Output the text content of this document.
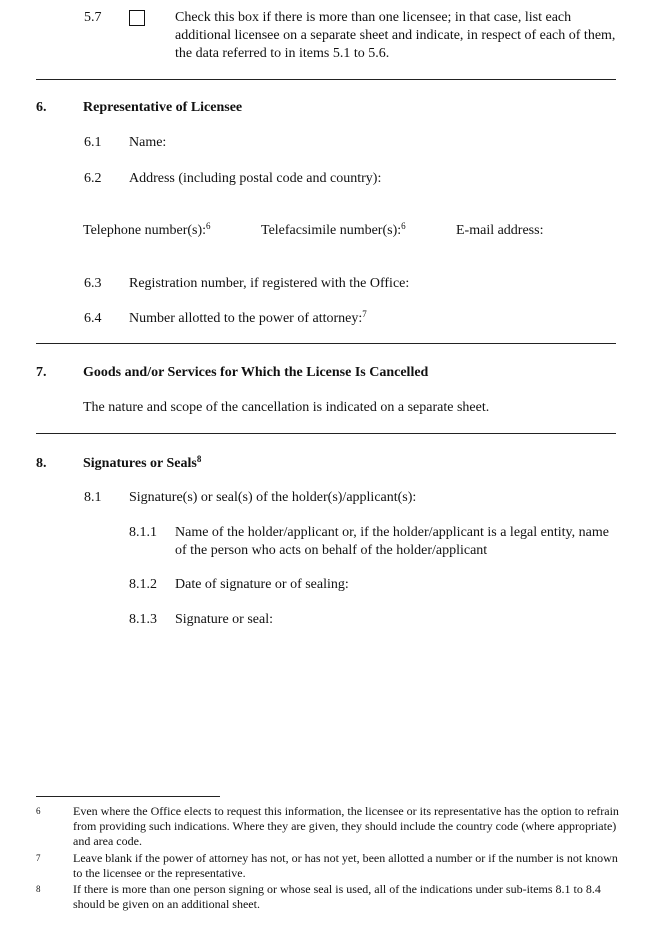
5.7	Check this box if there is more than one licensee; in that case, list each additional licensee on a separate sheet and indicate, in respect of each of them, the data referred to in items 5.1 to 5.6.
6.	Representative of Licensee
6.1 Name:
6.2 Address (including postal code and country):
Telephone number(s):$^6$	Telefacsimile number(s):$^6$	E-mail address:
6.3 Registration number, if registered with the Office:
6.4 Number allotted to the power of attorney:$^7$
7.	Goods and/or Services for Which the License Is Cancelled
The nature and scope of the cancellation is indicated on a separate sheet.
8.	Signatures or Seals$^8$
8.1 Signature(s) or seal(s) of the holder(s)/applicant(s):
8.1.1 Name of the holder/applicant or, if the holder/applicant is a legal entity, name of the person who acts on behalf of the holder/applicant
8.1.2 Date of signature or of sealing:
8.1.3 Signature or seal:
6	Even where the Office elects to request this information, the licensee or its representative has the option to refrain from providing such indications. Where they are given, they should include the country code (where appropriate) and area code.
7	Leave blank if the power of attorney has not, or has not yet, been allotted a number or if the number is not known to the licensee or the representative.
8	If there is more than one person signing or whose seal is used, all of the indications under sub-items 8.1 to 8.4 should be given on an additional sheet.
